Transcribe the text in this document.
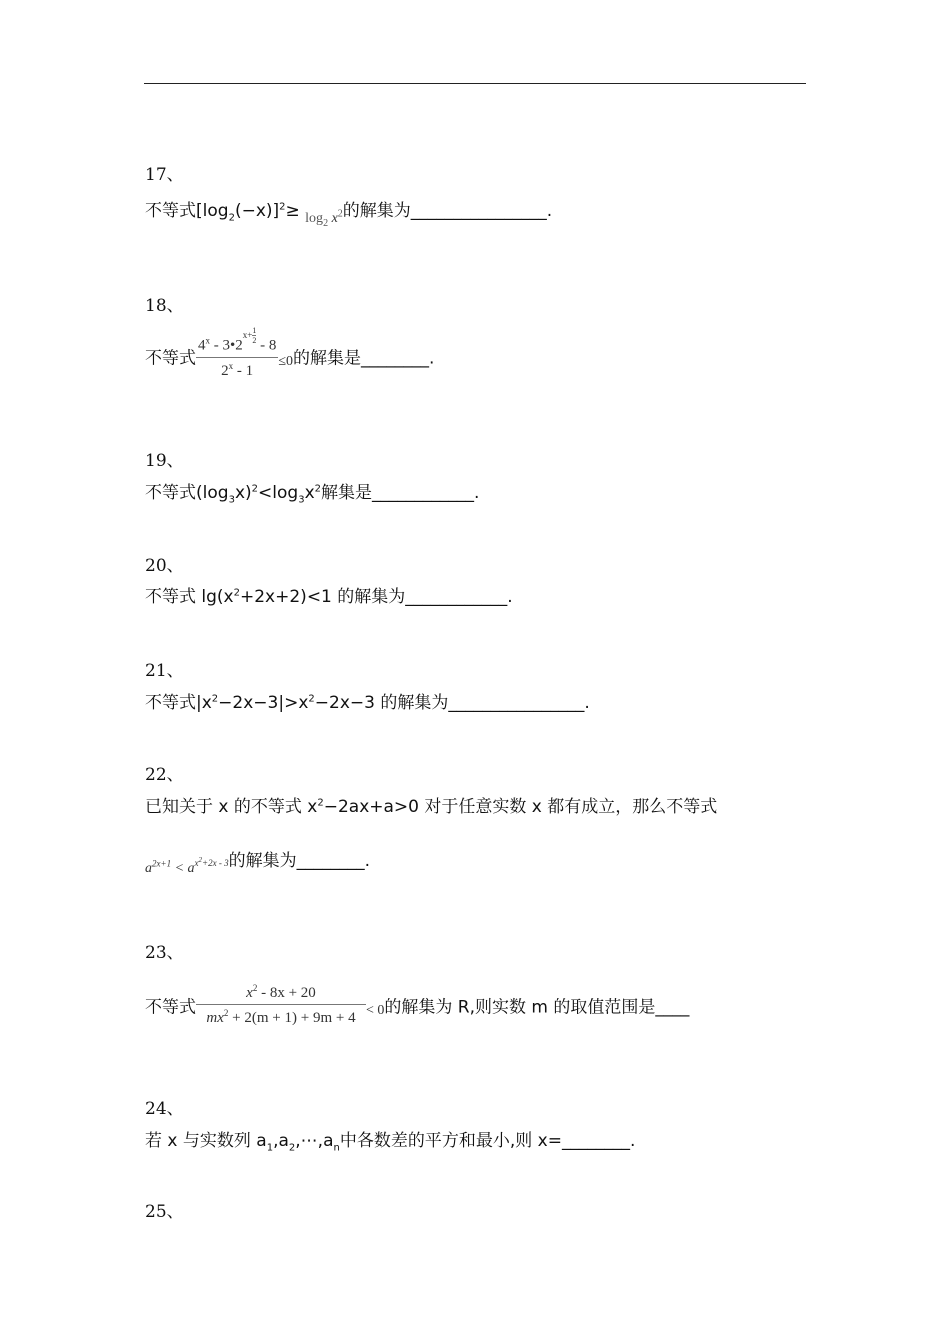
17、
不等式$[\log_2(-x)]^2\ge _{log_2 x^2}$的解集为________________.
18、
不等式 $4^x - 3•2^{x+ \frac{1}{2}}$
- 8
2$^x$ - 1 $_{\le 0}$的解集是________.
19、
不等式$(\log_3x)^2<\log_3x^2$解集是____________.
20、
不等式 $\lg(x^2+2x+2)<1$ 的解集为____________.
21、
不等式$|x^2-2x-3|>x^2-2x-3$ 的解集为________________.
22、
已知关于 x 的不等式 $x^2-2ax+a>0$ 对于任意实数 x 都有成立，那么不等式
$_{a^{2x+1} < a^{x^2+2x - 3}}$的解集为________.
23、
不等式 $\frac{x^2 - 8x + 20}{mx^2 + 2(m + 1) + 9m + 4} _{< 0}$的解集为 R,则实数 m 的取值范围是____
24、
若 x 与实数列 $a_1,a_2,\cdots,a_n$中各数差的平方和最小,则 x=________.
25、
